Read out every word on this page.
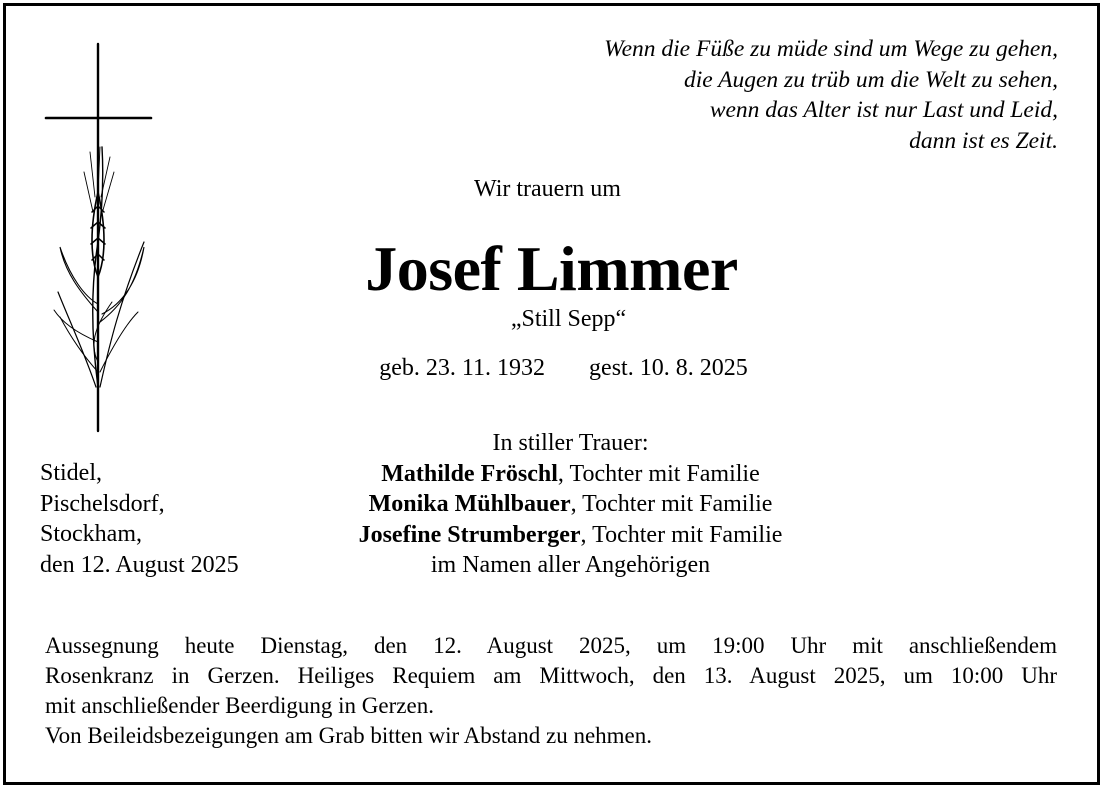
Wenn die Füße zu müde sind um Wege zu gehen,
die Augen zu trüb um die Welt zu sehen,
wenn das Alter ist nur Last und Leid,
dann ist es Zeit.
Wir trauern um
Josef Limmer
„Still Sepp“
geb. 23. 11. 1932 gest. 10. 8. 2025
In stiller Trauer:
Mathilde Fröschl, Tochter mit Familie
Monika Mühlbauer, Tochter mit Familie
Josefine Strumberger, Tochter mit Familie
im Namen aller Angehörigen
Stidel,
Pischelsdorf,
Stockham,
den 12. August 2025
Aussegnung heute Dienstag, den 12. August 2025, um 19:00 Uhr mit anschließendem
Rosenkranz in Gerzen. Heiliges Requiem am Mittwoch, den 13. August 2025, um 10:00 Uhr
mit anschließender Beerdigung in Gerzen.
Von Beileidsbezeigungen am Grab bitten wir Abstand zu nehmen.
